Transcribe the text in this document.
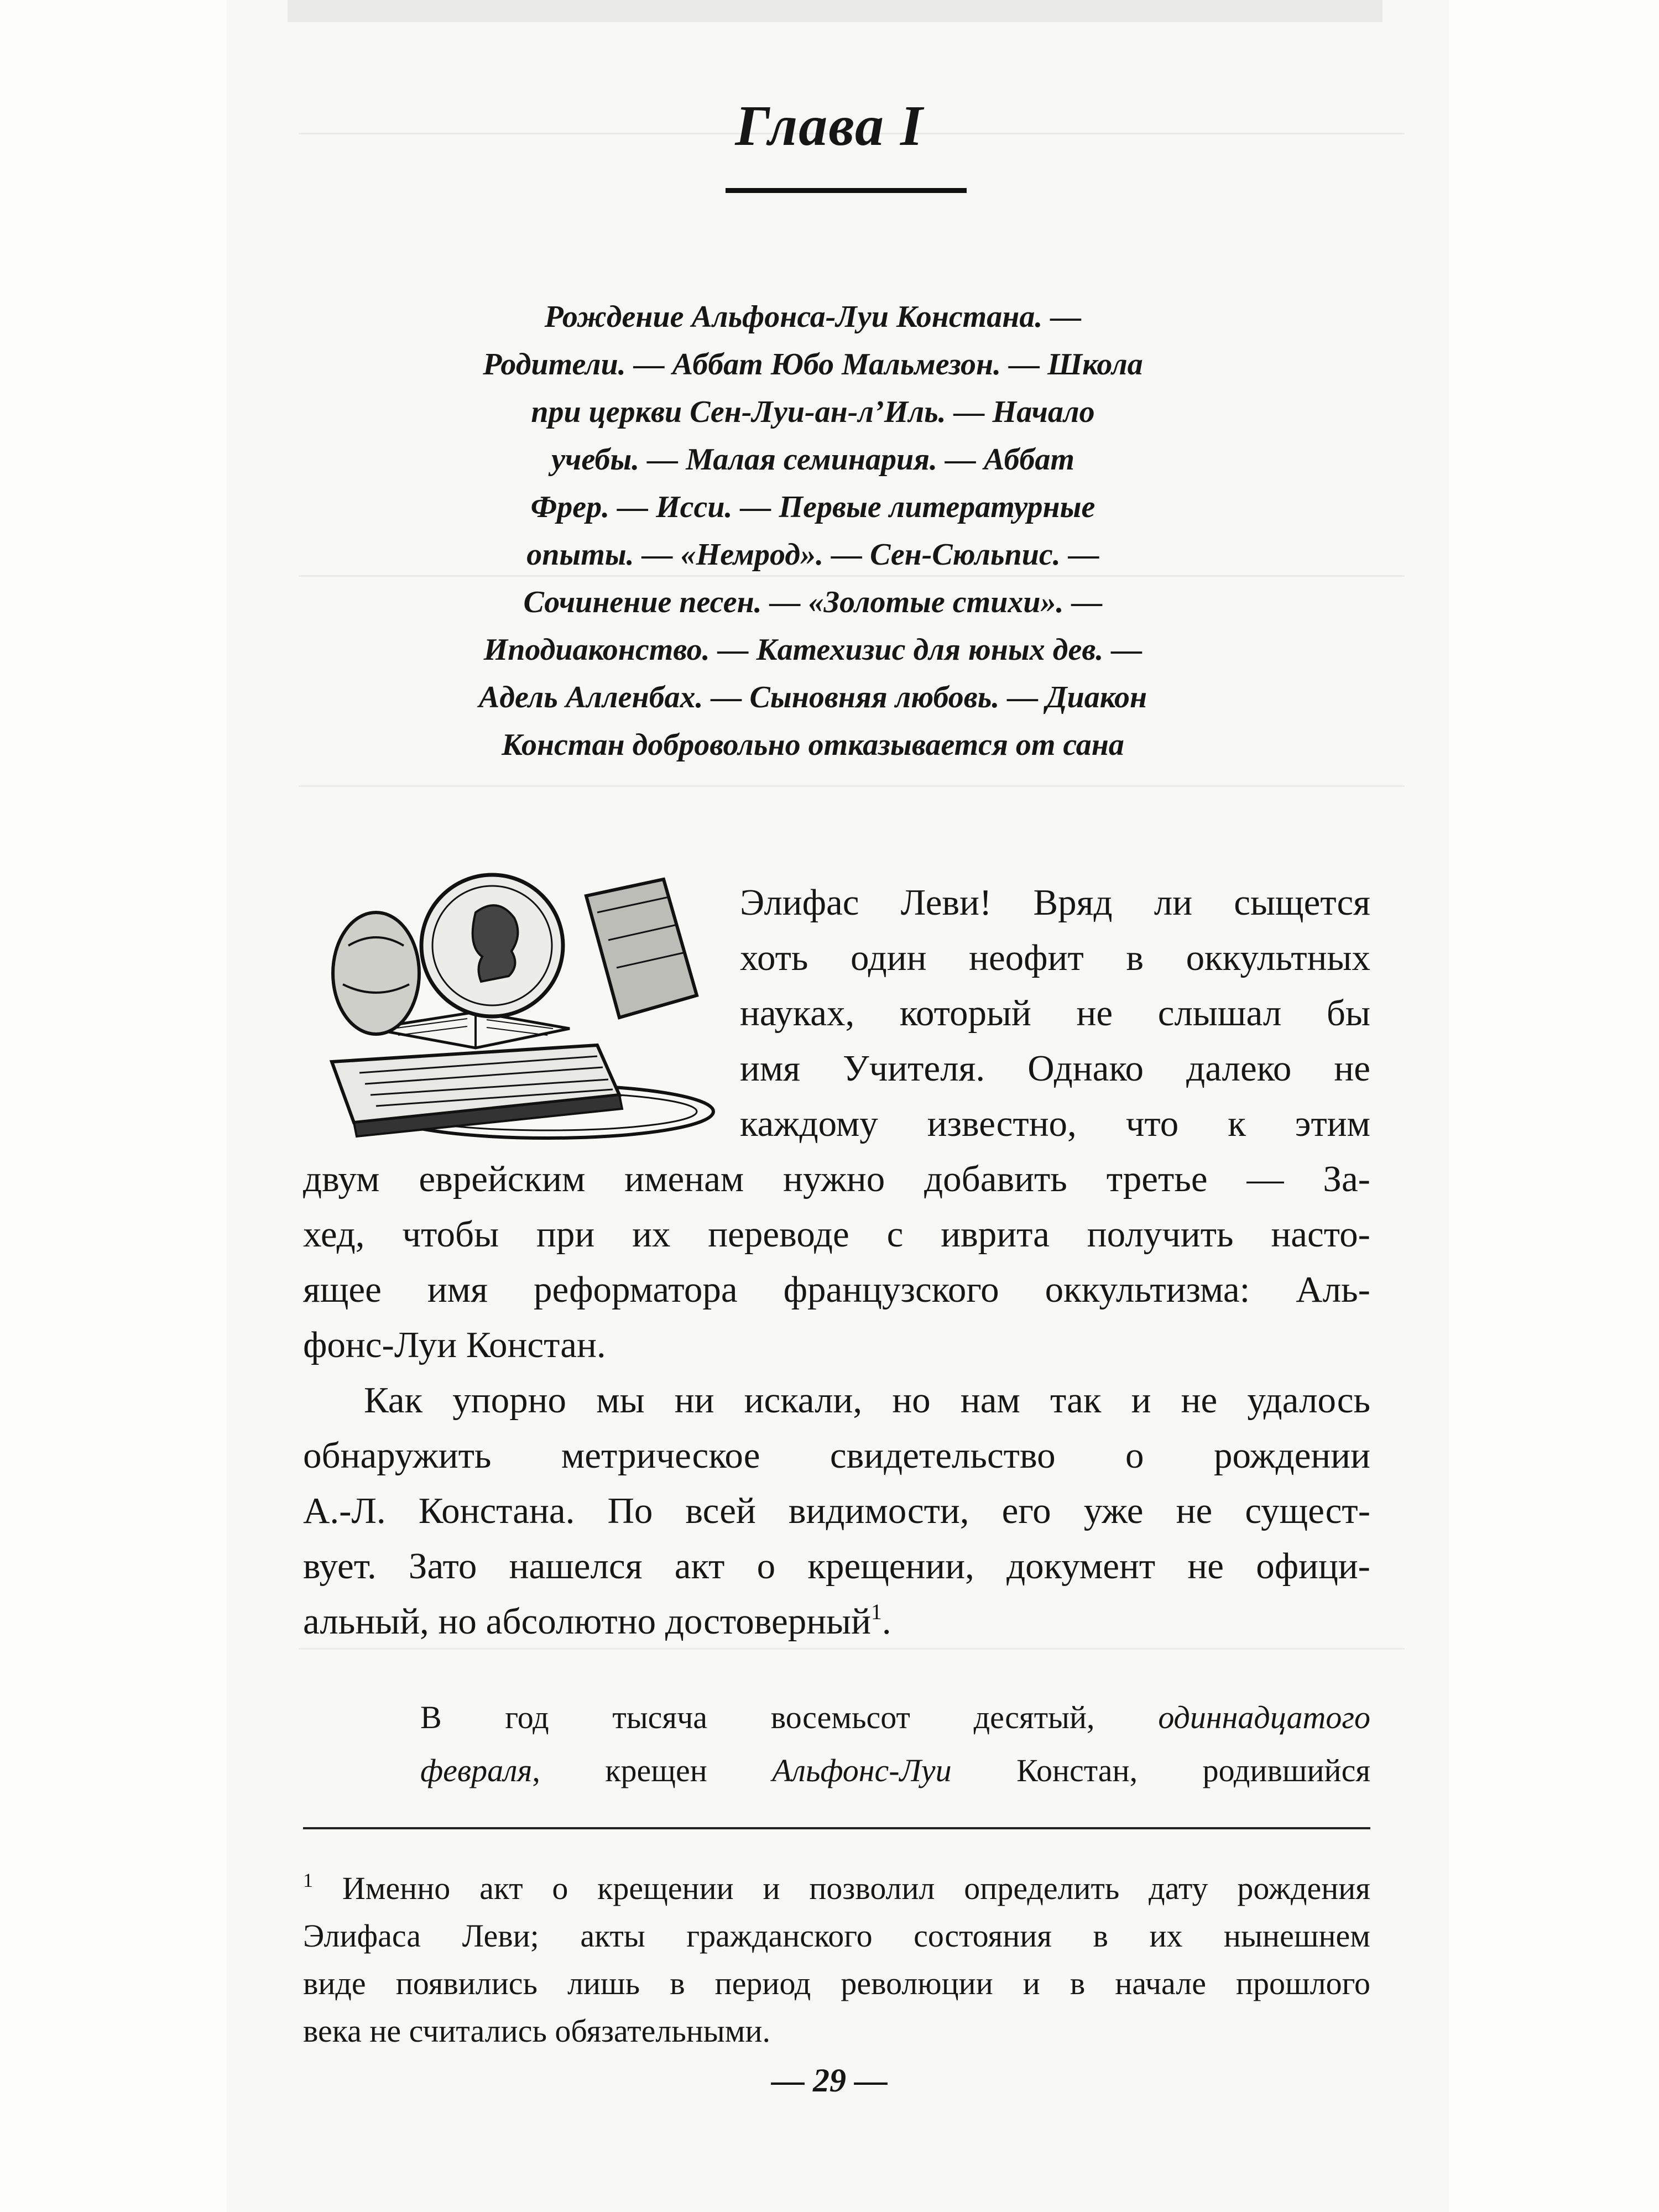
Глава I
Рождение Альфонса-Луи Констана. —
Родители. — Аббат Юбо Мальмезон. — Школа
при церкви Сен-Луи-ан-л’Иль. — Начало
учебы. — Малая семинария. — Аббат
Фрер. — Исси. — Первые литературные
опыты. — «Немрод». — Сен-Сюльпис. —
Сочинение песен. — «Золотые стихи». —
Иподиаконство. — Катехизис для юных дев. —
Адель Алленбах. — Сыновняя любовь. — Диакон
Констан добровольно отказывается от сана
Элифас Леви! Вряд ли сыщется
хоть один неофит в оккультных
науках, который не слышал бы
имя Учителя. Однако далеко не
каждому известно, что к этим
двум еврейским именам нужно добавить третье — За-
хед, чтобы при их переводе с иврита получить насто-
ящее имя реформатора французского оккультизма: Аль-
фонс-Луи Констан.
Как упорно мы ни искали, но нам так и не удалось
обнаружить метрическое свидетельство о рождении
А.-Л. Констана. По всей видимости, его уже не сущест-
вует. Зато нашелся акт о крещении, документ не офици-
альный, но абсолютно достоверный$^1$.
В год тысяча восемьсот десятый, одиннадцатого
февраля, крещен Альфонс-Луи Констан, родившийся
$^1$ Именно акт о крещении и позволил определить дату рождения
Элифаса Леви; акты гражданского состояния в их нынешнем
виде появились лишь в период революции и в начале прошлого
века не считались обязательными.
— 29 —
